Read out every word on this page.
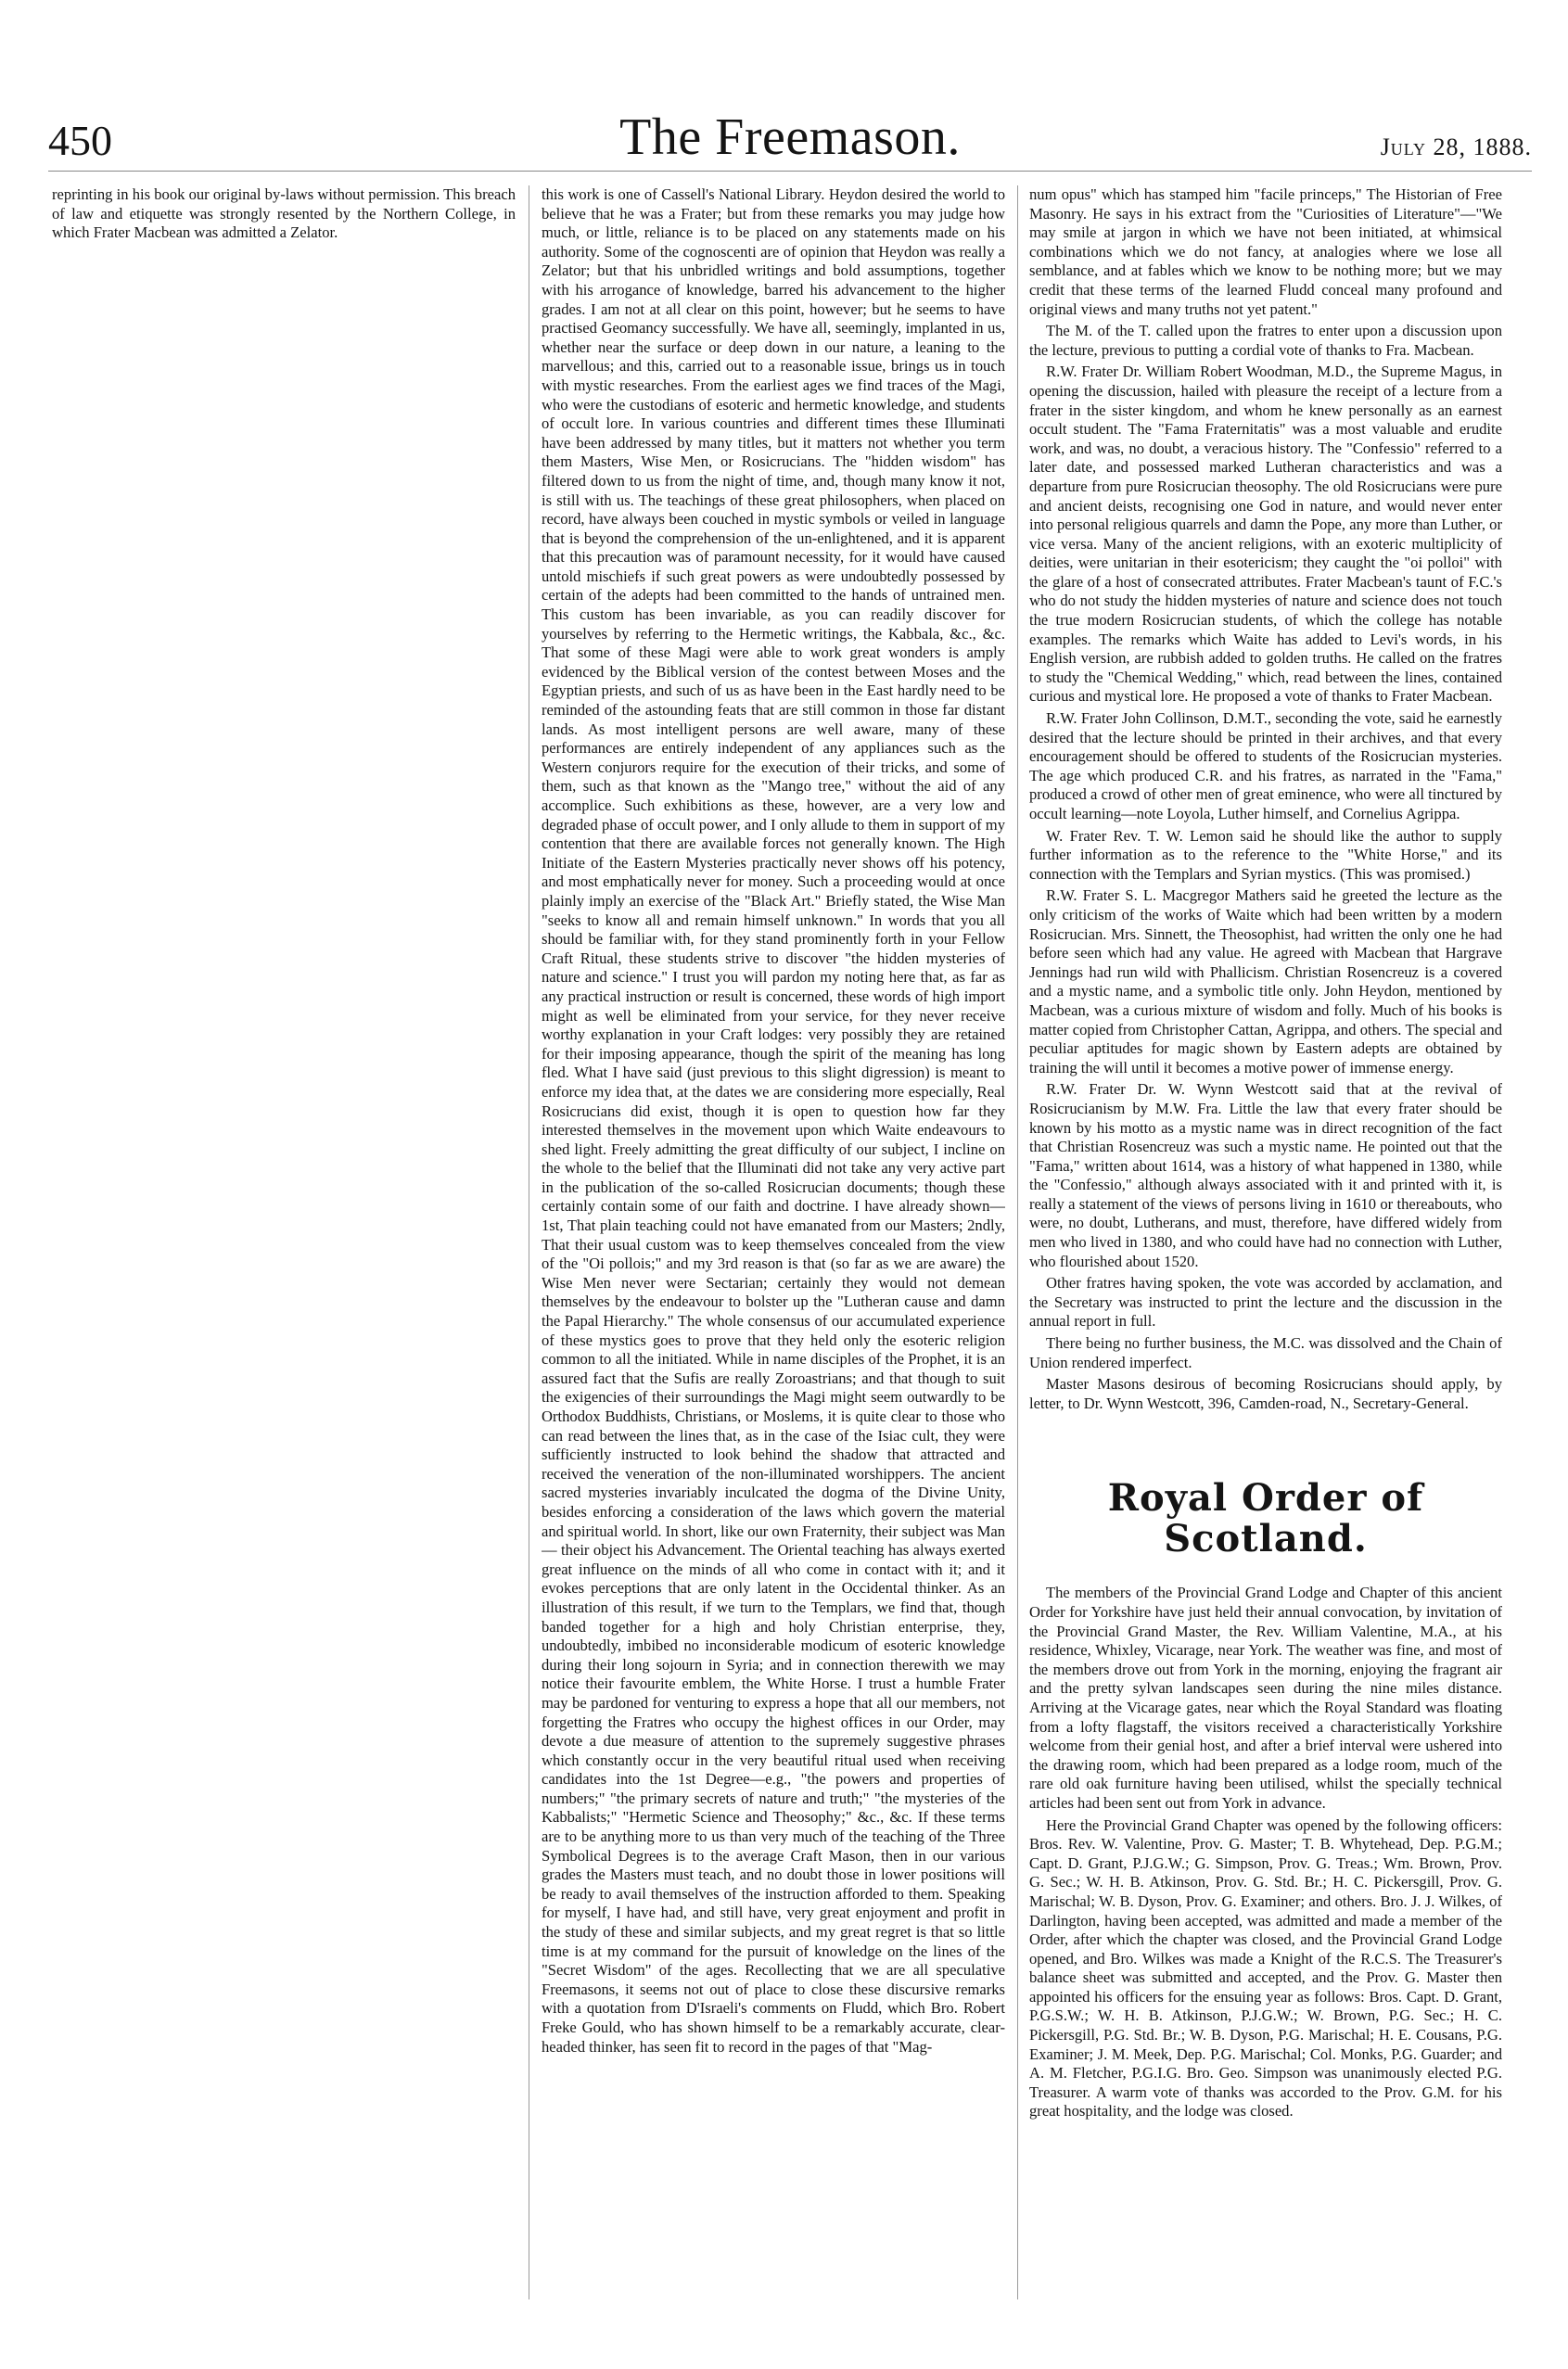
450	The Freemason.	July 28, 1888.

reprinting in his book our original by-laws without permission. This breach of law and etiquette was strongly resented by the Northern College, in which Frater Macbean was admitted a Zelator.

this work is one of Cassell's National Library. Heydon desired the world to believe that he was a Frater; but from these remarks you may judge how much, or little, reliance is to be placed on any statements made on his authority. Some of the cognoscenti are of opinion that Heydon was really a Zelator; but that his unbridled writings and bold assumptions, together with his arrogance of knowledge, barred his advancement to the higher grades. I am not at all clear on this point, however; but he seems to have practised Geomancy successfully. We have all, seemingly, implanted in us, whether near the surface or deep down in our nature, a leaning to the marvellous; and this, carried out to a reasonable issue, brings us in touch with mystic researches. From the earliest ages we find traces of the Magi, who were the custodians of esoteric and hermetic knowledge, and students of occult lore. In various countries and different times these Illuminati have been addressed by many titles, but it matters not whether you term them Masters, Wise Men, or Rosicrucians. The "hidden wisdom" has filtered down to us from the night of time, and, though many know it not, is still with us. The teachings of these great philosophers, when placed on record, have always been couched in mystic symbols or veiled in language that is beyond the comprehension of the un-enlightened, and it is apparent that this precaution was of paramount necessity, for it would have caused untold mischiefs if such great powers as were undoubtedly possessed by certain of the adepts had been committed to the hands of untrained men. This custom has been invariable, as you can readily discover for yourselves by referring to the Hermetic writings, the Kabbala, &c., &c. That some of these Magi were able to work great wonders is amply evidenced by the Biblical version of the contest between Moses and the Egyptian priests, and such of us as have been in the East hardly need to be reminded of the astounding feats that are still common in those far distant lands. As most intelligent persons are well aware, many of these performances are entirely independent of any appliances such as the Western conjurors require for the execution of their tricks, and some of them, such as that known as the "Mango tree," without the aid of any accomplice. Such exhibitions as these, however, are a very low and degraded phase of occult power, and I only allude to them in support of my contention that there are available forces not generally known. The High Initiate of the Eastern Mysteries practically never shows off his potency, and most emphatically never for money. Such a proceeding would at once plainly imply an exercise of the "Black Art." Briefly stated, the Wise Man "seeks to know all and remain himself unknown." In words that you all should be familiar with, for they stand prominently forth in your Fellow Craft Ritual, these students strive to discover "the hidden mysteries of nature and science." I trust you will pardon my noting here that, as far as any practical instruction or result is concerned, these words of high import might as well be eliminated from your service, for they never receive worthy explanation in your Craft lodges: very possibly they are retained for their imposing appearance, though the spirit of the meaning has long fled. What I have said (just previous to this slight digression) is meant to enforce my idea that, at the dates we are considering more especially, Real Rosicrucians did exist, though it is open to question how far they interested themselves in the movement upon which Waite endeavours to shed light. Freely admitting the great difficulty of our subject, I incline on the whole to the belief that the Illuminati did not take any very active part in the publication of the so-called Rosicrucian documents; though these certainly contain some of our faith and doctrine. I have already shown—1st, That plain teaching could not have emanated from our Masters; 2ndly, That their usual custom was to keep themselves concealed from the view of the "Oi pollois;" and my 3rd reason is that (so far as we are aware) the Wise Men never were Sectarian; certainly they would not demean themselves by the endeavour to bolster up the "Lutheran cause and damn the Papal Hierarchy." The whole consensus of our accumulated experience of these mystics goes to prove that they held only the esoteric religion common to all the initiated. While in name disciples of the Prophet, it is an assured fact that the Sufis are really Zoroastrians; and that though to suit the exigencies of their surroundings the Magi might seem outwardly to be Orthodox Buddhists, Christians, or Moslems, it is quite clear to those who can read between the lines that, as in the case of the Isiac cult, they were sufficiently instructed to look behind the shadow that attracted and received the veneration of the non-illuminated worshippers. The ancient sacred mysteries invariably inculcated the dogma of the Divine Unity, besides enforcing a consideration of the laws which govern the material and spiritual world. In short, like our own Fraternity, their subject was Man — their object his Advancement. The Oriental teaching has always exerted great influence on the minds of all who come in contact with it; and it evokes perceptions that are only latent in the Occidental thinker. As an illustration of this result, if we turn to the Templars, we find that, though banded together for a high and holy Christian enterprise, they, undoubtedly, imbibed no inconsiderable modicum of esoteric knowledge during their long sojourn in Syria; and in connection therewith we may notice their favourite emblem, the White Horse. I trust a humble Frater may be pardoned for venturing to express a hope that all our members, not forgetting the Fratres who occupy the highest offices in our Order, may devote a due measure of attention to the supremely suggestive phrases which constantly occur in the very beautiful ritual used when receiving candidates into the 1st Degree—e.g., "the powers and properties of numbers;" "the primary secrets of nature and truth;" "the mysteries of the Kabbalists;" "Hermetic Science and Theosophy;" &c., &c. If these terms are to be anything more to us than very much of the teaching of the Three Symbolical Degrees is to the average Craft Mason, then in our various grades the Masters must teach, and no doubt those in lower positions will be ready to avail themselves of the instruction afforded to them. Speaking for myself, I have had, and still have, very great enjoyment and profit in the study of these and similar subjects, and my great regret is that so little time is at my command for the pursuit of knowledge on the lines of the "Secret Wisdom" of the ages. Recollecting that we are all speculative Freemasons, it seems not out of place to close these discursive remarks with a quotation from D'Israeli's comments on Fludd, which Bro. Robert Freke Gould, who has shown himself to be a remarkably accurate, clear-headed thinker, has seen fit to record in the pages of that "Mag-

num opus" which has stamped him "facile princeps," The Historian of Free Masonry. He says in his extract from the "Curiosities of Literature"—"We may smile at jargon in which we have not been initiated, at whimsical combinations which we do not fancy, at analogies where we lose all semblance, and at fables which we know to be nothing more; but we may credit that these terms of the learned Fludd conceal many profound and original views and many truths not yet patent."

The M. of the T. called upon the fratres to enter upon a discussion upon the lecture, previous to putting a cordial vote of thanks to Fra. Macbean.

R.W. Frater Dr. William Robert Woodman, M.D., the Supreme Magus, in opening the discussion, hailed with pleasure the receipt of a lecture from a frater in the sister kingdom, and whom he knew personally as an earnest occult student. The "Fama Fraternitatis" was a most valuable and erudite work, and was, no doubt, a veracious history. The "Confessio" referred to a later date, and possessed marked Lutheran characteristics and was a departure from pure Rosicrucian theosophy. The old Rosicrucians were pure and ancient deists, recognising one God in nature, and would never enter into personal religious quarrels and damn the Pope, any more than Luther, or vice versa. Many of the ancient religions, with an exoteric multiplicity of deities, were unitarian in their esotericism; they caught the "oi polloi" with the glare of a host of consecrated attributes. Frater Macbean's taunt of F.C.'s who do not study the hidden mysteries of nature and science does not touch the true modern Rosicrucian students, of which the college has notable examples. The remarks which Waite has added to Levi's words, in his English version, are rubbish added to golden truths. He called on the fratres to study the "Chemical Wedding," which, read between the lines, contained curious and mystical lore. He proposed a vote of thanks to Frater Macbean.

R.W. Frater John Collinson, D.M.T., seconding the vote, said he earnestly desired that the lecture should be printed in their archives, and that every encouragement should be offered to students of the Rosicrucian mysteries. The age which produced C.R. and his fratres, as narrated in the "Fama," produced a crowd of other men of great eminence, who were all tinctured by occult learning—note Loyola, Luther himself, and Cornelius Agrippa.

W. Frater Rev. T. W. Lemon said he should like the author to supply further information as to the reference to the "White Horse," and its connection with the Templars and Syrian mystics. (This was promised.)

R.W. Frater S. L. Macgregor Mathers said he greeted the lecture as the only criticism of the works of Waite which had been written by a modern Rosicrucian. Mrs. Sinnett, the Theosophist, had written the only one he had before seen which had any value. He agreed with Macbean that Hargrave Jennings had run wild with Phallicism. Christian Rosencreuz is a covered and a mystic name, and a symbolic title only. John Heydon, mentioned by Macbean, was a curious mixture of wisdom and folly. Much of his books is matter copied from Christopher Cattan, Agrippa, and others. The special and peculiar aptitudes for magic shown by Eastern adepts are obtained by training the will until it becomes a motive power of immense energy.

R.W. Frater Dr. W. Wynn Westcott said that at the revival of Rosicrucianism by M.W. Fra. Little the law that every frater should be known by his motto as a mystic name was in direct recognition of the fact that Christian Rosencreuz was such a mystic name. He pointed out that the "Fama," written about 1614, was a history of what happened in 1380, while the "Confessio," although always associated with it and printed with it, is really a statement of the views of persons living in 1610 or thereabouts, who were, no doubt, Lutherans, and must, therefore, have differed widely from men who lived in 1380, and who could have had no connection with Luther, who flourished about 1520.

Other fratres having spoken, the vote was accorded by acclamation, and the Secretary was instructed to print the lecture and the discussion in the annual report in full.

There being no further business, the M.C. was dissolved and the Chain of Union rendered imperfect.

Master Masons desirous of becoming Rosicrucians should apply, by letter, to Dr. Wynn Westcott, 396, Camden-road, N., Secretary-General.

Royal Order of Scotland.

The members of the Provincial Grand Lodge and Chapter of this ancient Order for Yorkshire have just held their annual convocation, by invitation of the Provincial Grand Master, the Rev. William Valentine, M.A., at his residence, Whixley, Vicarage, near York. The weather was fine, and most of the members drove out from York in the morning, enjoying the fragrant air and the pretty sylvan landscapes seen during the nine miles distance. Arriving at the Vicarage gates, near which the Royal Standard was floating from a lofty flagstaff, the visitors received a characteristically Yorkshire welcome from their genial host, and after a brief interval were ushered into the drawing room, which had been prepared as a lodge room, much of the rare old oak furniture having been utilised, whilst the specially technical articles had been sent out from York in advance.

Here the Provincial Grand Chapter was opened by the following officers: Bros. Rev. W. Valentine, Prov. G. Master; T. B. Whytehead, Dep. P.G.M.; Capt. D. Grant, P.J.G.W.; G. Simpson, Prov. G. Treas.; Wm. Brown, Prov. G. Sec.; W. H. B. Atkinson, Prov. G. Std. Br.; H. C. Pickersgill, Prov. G. Marischal; W. B. Dyson, Prov. G. Examiner; and others. Bro. J. J. Wilkes, of Darlington, having been accepted, was admitted and made a member of the Order, after which the chapter was closed, and the Provincial Grand Lodge opened, and Bro. Wilkes was made a Knight of the R.C.S. The Treasurer's balance sheet was submitted and accepted, and the Prov. G. Master then appointed his officers for the ensuing year as follows: Bros. Capt. D. Grant, P.G.S.W.; W. H. B. Atkinson, P.J.G.W.; W. Brown, P.G. Sec.; H. C. Pickersgill, P.G. Std. Br.; W. B. Dyson, P.G. Marischal; H. E. Cousans, P.G. Examiner; J. M. Meek, Dep. P.G. Marischal; Col. Monks, P.G. Guarder; and A. M. Fletcher, P.G.I.G. Bro. Geo. Simpson was unanimously elected P.G. Treasurer. A warm vote of thanks was accorded to the Prov. G.M. for his great hospitality, and the lodge was closed.
